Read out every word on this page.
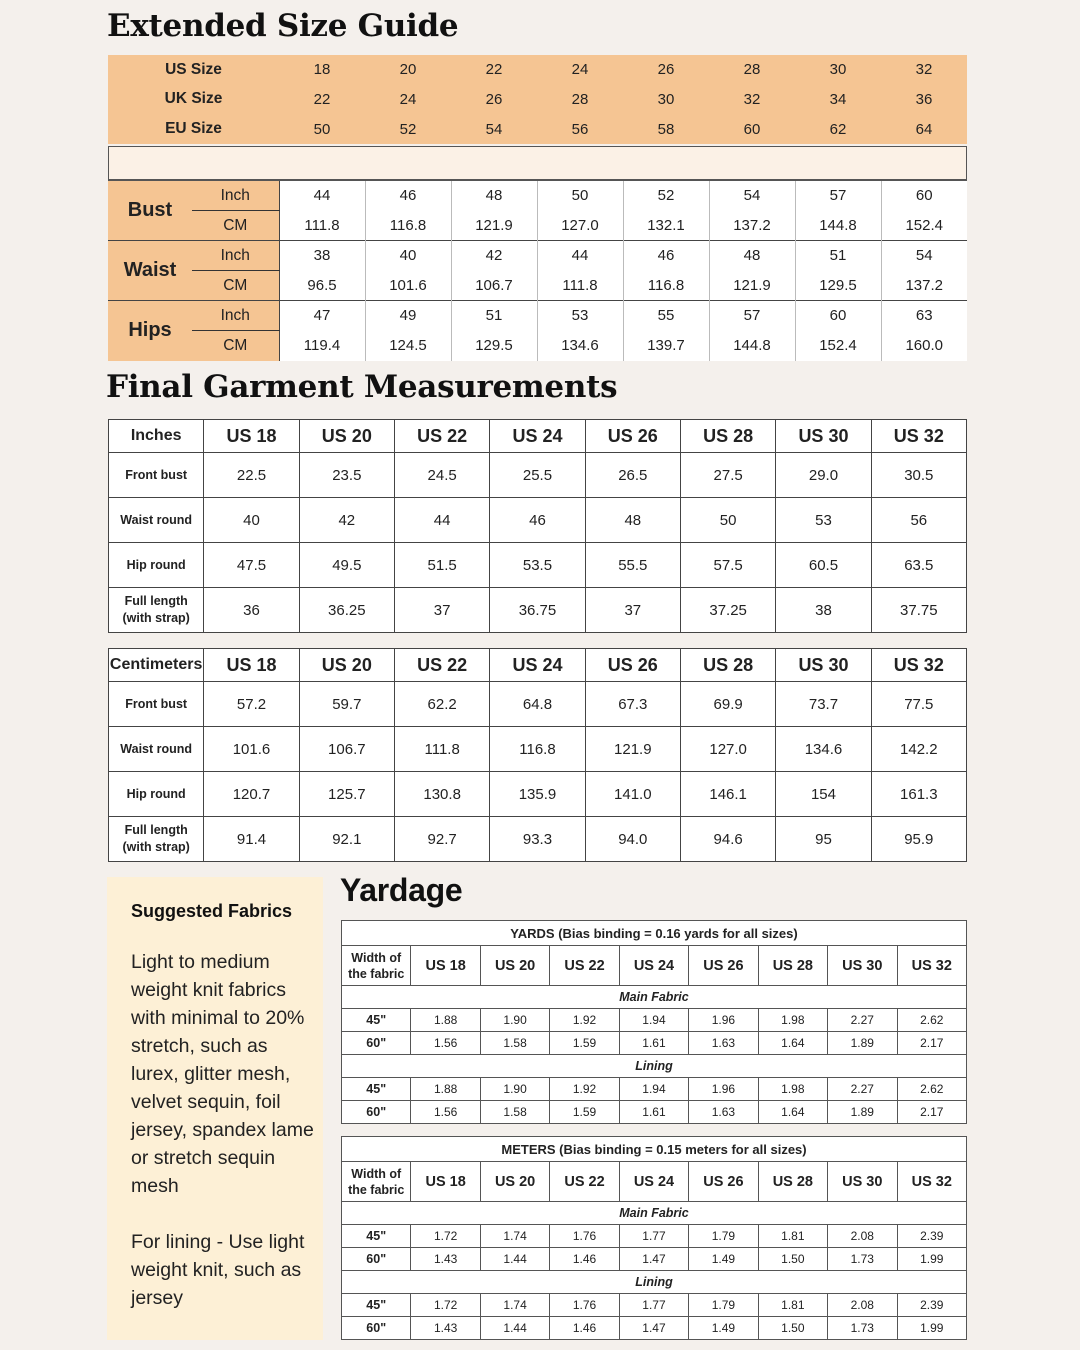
Extended Size Guide
US Size	18	20	22	24	26	28	30	32
UK Size	22	24	26	28	30	32	34	36
EU Size	50	52	54	56	58	60	62	64
Bust	Inch	44	46	48	50	52	54	57	60
	CM	111.8	116.8	121.9	127.0	132.1	137.2	144.8	152.4
Waist	Inch	38	40	42	44	46	48	51	54
	CM	96.5	101.6	106.7	111.8	116.8	121.9	129.5	137.2
Hips	Inch	47	49	51	53	55	57	60	63
	CM	119.4	124.5	129.5	134.6	139.7	144.8	152.4	160.0
Final Garment Measurements
Inches	US 18	US 20	US 22	US 24	US 26	US 28	US 30	US 32

Front bust	22.5	23.5	24.5	25.5	26.5	27.5	29.0	30.5

Waist round	40	42	44	46	48	50	53	56

Hip round	47.5	49.5	51.5	53.5	55.5	57.5	60.5	63.5

Full length
(with strap)	36	36.25	37	36.75	37	37.25	38	37.75
Centimeters	US 18	US 20	US 22	US 24	US 26	US 28	US 30	US 32

Front bust	57.2	59.7	62.2	64.8	67.3	69.9	73.7	77.5

Waist round	101.6	106.7	111.8	116.8	121.9	127.0	134.6	142.2

Hip round	120.7	125.7	130.8	135.9	141.0	146.1	154	161.3

Full length
(with strap)	91.4	92.1	92.7	93.3	94.0	94.6	95	95.9
Suggested Fabrics
Light to medium weight knit fabrics with minimal to 20% stretch, such as lurex, glitter mesh, velvet sequin, foil jersey, spandex lame or stretch sequin mesh
For lining - Use light weight knit, such as jersey
Yardage
YARDS (Bias binding = 0.16 yards for all sizes)								

Width of
the fabric	US 18	US 20	US 22	US 24	US 26	US 28	US 30	US 32
Main Fabric								
45"	1.88	1.90	1.92	1.94	1.96	1.98	2.27	2.62
60"	1.56	1.58	1.59	1.61	1.63	1.64	1.89	2.17
Lining								
45"	1.88	1.90	1.92	1.94	1.96	1.98	2.27	2.62
60"	1.56	1.58	1.59	1.61	1.63	1.64	1.89	2.17
METERS (Bias binding = 0.15 meters for all sizes)								

Width of
the fabric	US 18	US 20	US 22	US 24	US 26	US 28	US 30	US 32
Main Fabric								
45"	1.72	1.74	1.76	1.77	1.79	1.81	2.08	2.39
60"	1.43	1.44	1.46	1.47	1.49	1.50	1.73	1.99
Lining								
45"	1.72	1.74	1.76	1.77	1.79	1.81	2.08	2.39
60"	1.43	1.44	1.46	1.47	1.49	1.50	1.73	1.99
